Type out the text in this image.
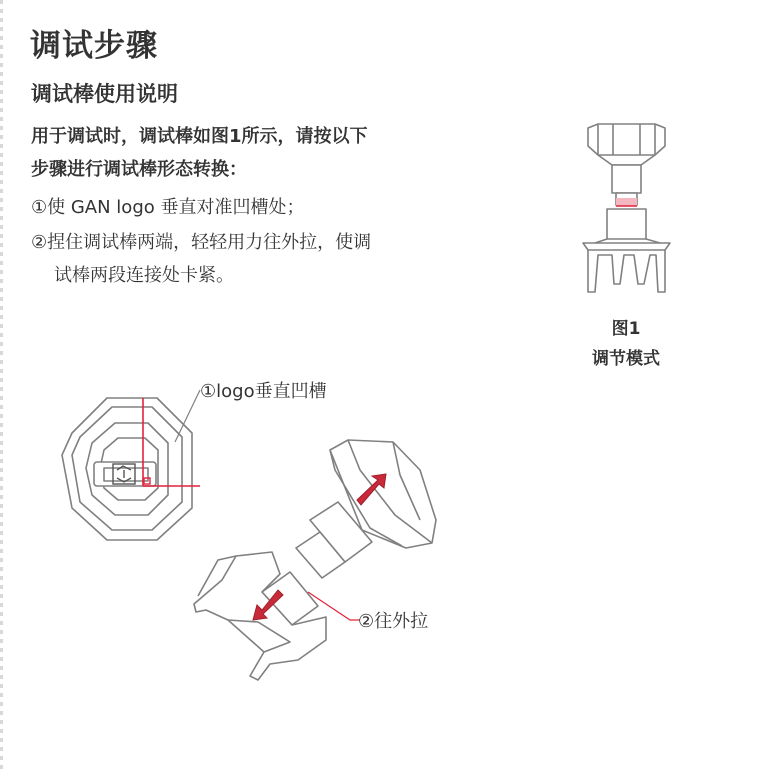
调试步骤
调试棒使用说明
用于调试时，调试棒如图1所示，请按以下
步骤进行调试棒形态转换：
①使 GAN logo 垂直对准凹槽处；
②捏住调试棒两端，轻轻用力往外拉，使调
试棒两段连接处卡紧。
图1
调节模式
①logo垂直凹槽
②往外拉
